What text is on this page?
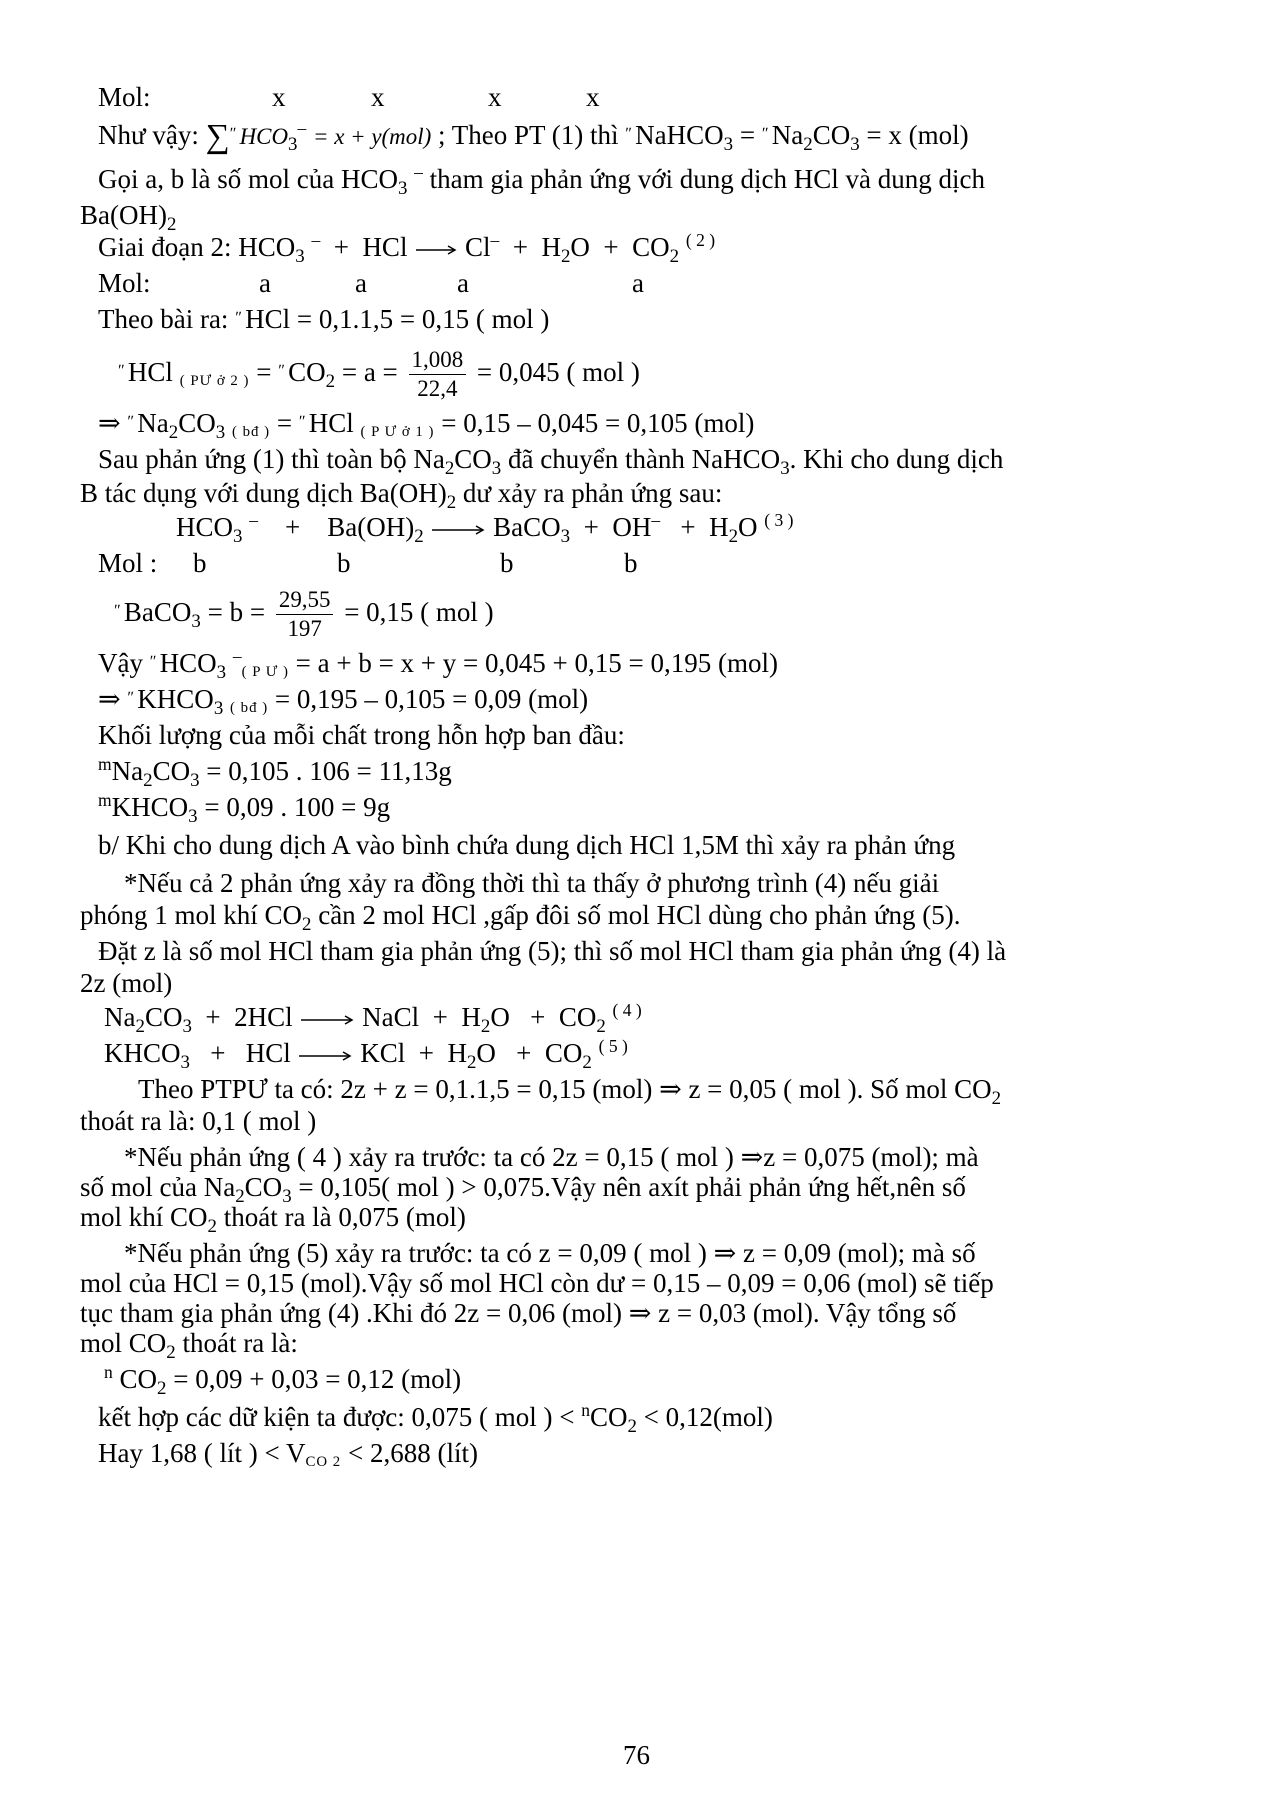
Mol:	x	x	x	x
Như vậy: ∑$^ʺ$ $HCO_3^- = x + y(mol)$ ; Theo PT (1) thì $^ʺ$ NaHCO$_3$ = $^ʺ$ $Na_2CO_3 = x$ (mol)
Gọi a, b là số mol của $HCO_3$ – tham gia phản ứng với dung dịch HCl và dung dịch
$Ba(OH)_2$
Giai đoạn 2: $HCO_3$ – + HCl $Cl^- + H_2O + CO_2$ $^{( 2 )}$
Mol:	a	a	a	a
Theo bài ra: $^ʺ$ HCl = 0,1.1,5 = 0,15 ( mol )
$^ʺ$ HCl ( PƯ ở 2 ) = $^ʺ$ $CO_2 = a = \frac{1,008}{22,4} = 0,045$ ( mol )
⇒ $^ʺ$ $Na_2CO_3$ ( bđ ) = $^ʺ$ HCl ( P Ư ở 1 ) = 0,15 – 0,045 = 0,105 (mol)
Sau phản ứng (1) thì toàn bộ $Na_2CO_3$ đã chuyển thành NaHCO$_3$. Khi cho dung dịch
B tác dụng với dung dịch $Ba(OH)_2$ dư xảy ra phản ứng sau:
$HCO_3$ $^- + Ba(OH)_2$	BaCO$_3$ + $OH^- + H_2O$ $^{( 3 )}$
Mol : b	b	b	b
$^ʺ$ BaCO$_3$ = $b = \frac{29,55}{197} = 0,15$ ( mol )
Vậy $^ʺ$ $HCO_3$ –( P Ư ) = a + b = x + y = 0,045 + 0,15 = 0,195 (mol)
⇒ $^ʺ$ $KHCO_3$ ( bđ ) = 0,195 – 0,105 = 0,09 (mol)
Khối lượng của mỗi chất trong hỗn hợp ban đầu:
$^mNa_2CO_3 = 0,105$ . 106 = 11,13g
$^mKHCO_3 = 0,09$ . 100 = 9g
b/ Khi cho dung dịch A vào bình chứa dung dịch HCl 1,5M thì xảy ra phản ứng
*Nếu cả 2 phản ứng xảy ra đồng thời thì ta thấy ở phương trình (4) nếu giải
phóng 1 mol khí $CO_2$ cần 2 mol HCl ,gấp đôi số mol HCl dùng cho phản ứng (5).
Đặt z là số mol HCl tham gia phản ứng (5); thì số mol HCl tham gia phản ứng (4) là
2z (mol)
$Na_2CO_3 + 2HCl$	NaCl + $H_2O + CO_2$ $^{( 4 )}$
$KHCO_3$ + HCl	KCl + $H_2O + CO_2$ $^{( 5 )}$
Theo PTPƯ ta có: 2z + z = 0,1.1,5 = 0,15 (mol) ⇒ z = 0,05 ( mol ). Số mol $CO_2$
thoát ra là: 0,1 ( mol )
*Nếu phản ứng ( 4 ) xảy ra trước: ta có 2z = 0,15 ( mol ) ⇒z = 0,075 (mol); mà
số mol của $Na_2CO_3 = 0,105$( mol ) > 0,075.Vậy nên axít phải phản ứng hết,nên số
mol khí $CO_2$ thoát ra là 0,075 (mol)
*Nếu phản ứng (5) xảy ra trước: ta có z = 0,09 ( mol ) ⇒ z = 0,09 (mol); mà số
mol của HCl = 0,15 (mol).Vậy số mol HCl còn dư = 0,15 – 0,09 = 0,06 (mol) sẽ tiếp
tục tham gia phản ứng (4) .Khi đó 2z = 0,06 (mol) ⇒ z = 0,03 (mol). Vậy tổng số
mol $CO_2$ thoát ra là:
$^n$ $CO_2 = 0,09 + 0,03 = 0,12$ (mol)
kết hợp các dữ kiện ta được: 0,075 ( mol ) < $^nCO_2 < 0,12(mol)$
Hay 1,68 ( lít ) < VCO 2 < 2,688 (lít)
76
